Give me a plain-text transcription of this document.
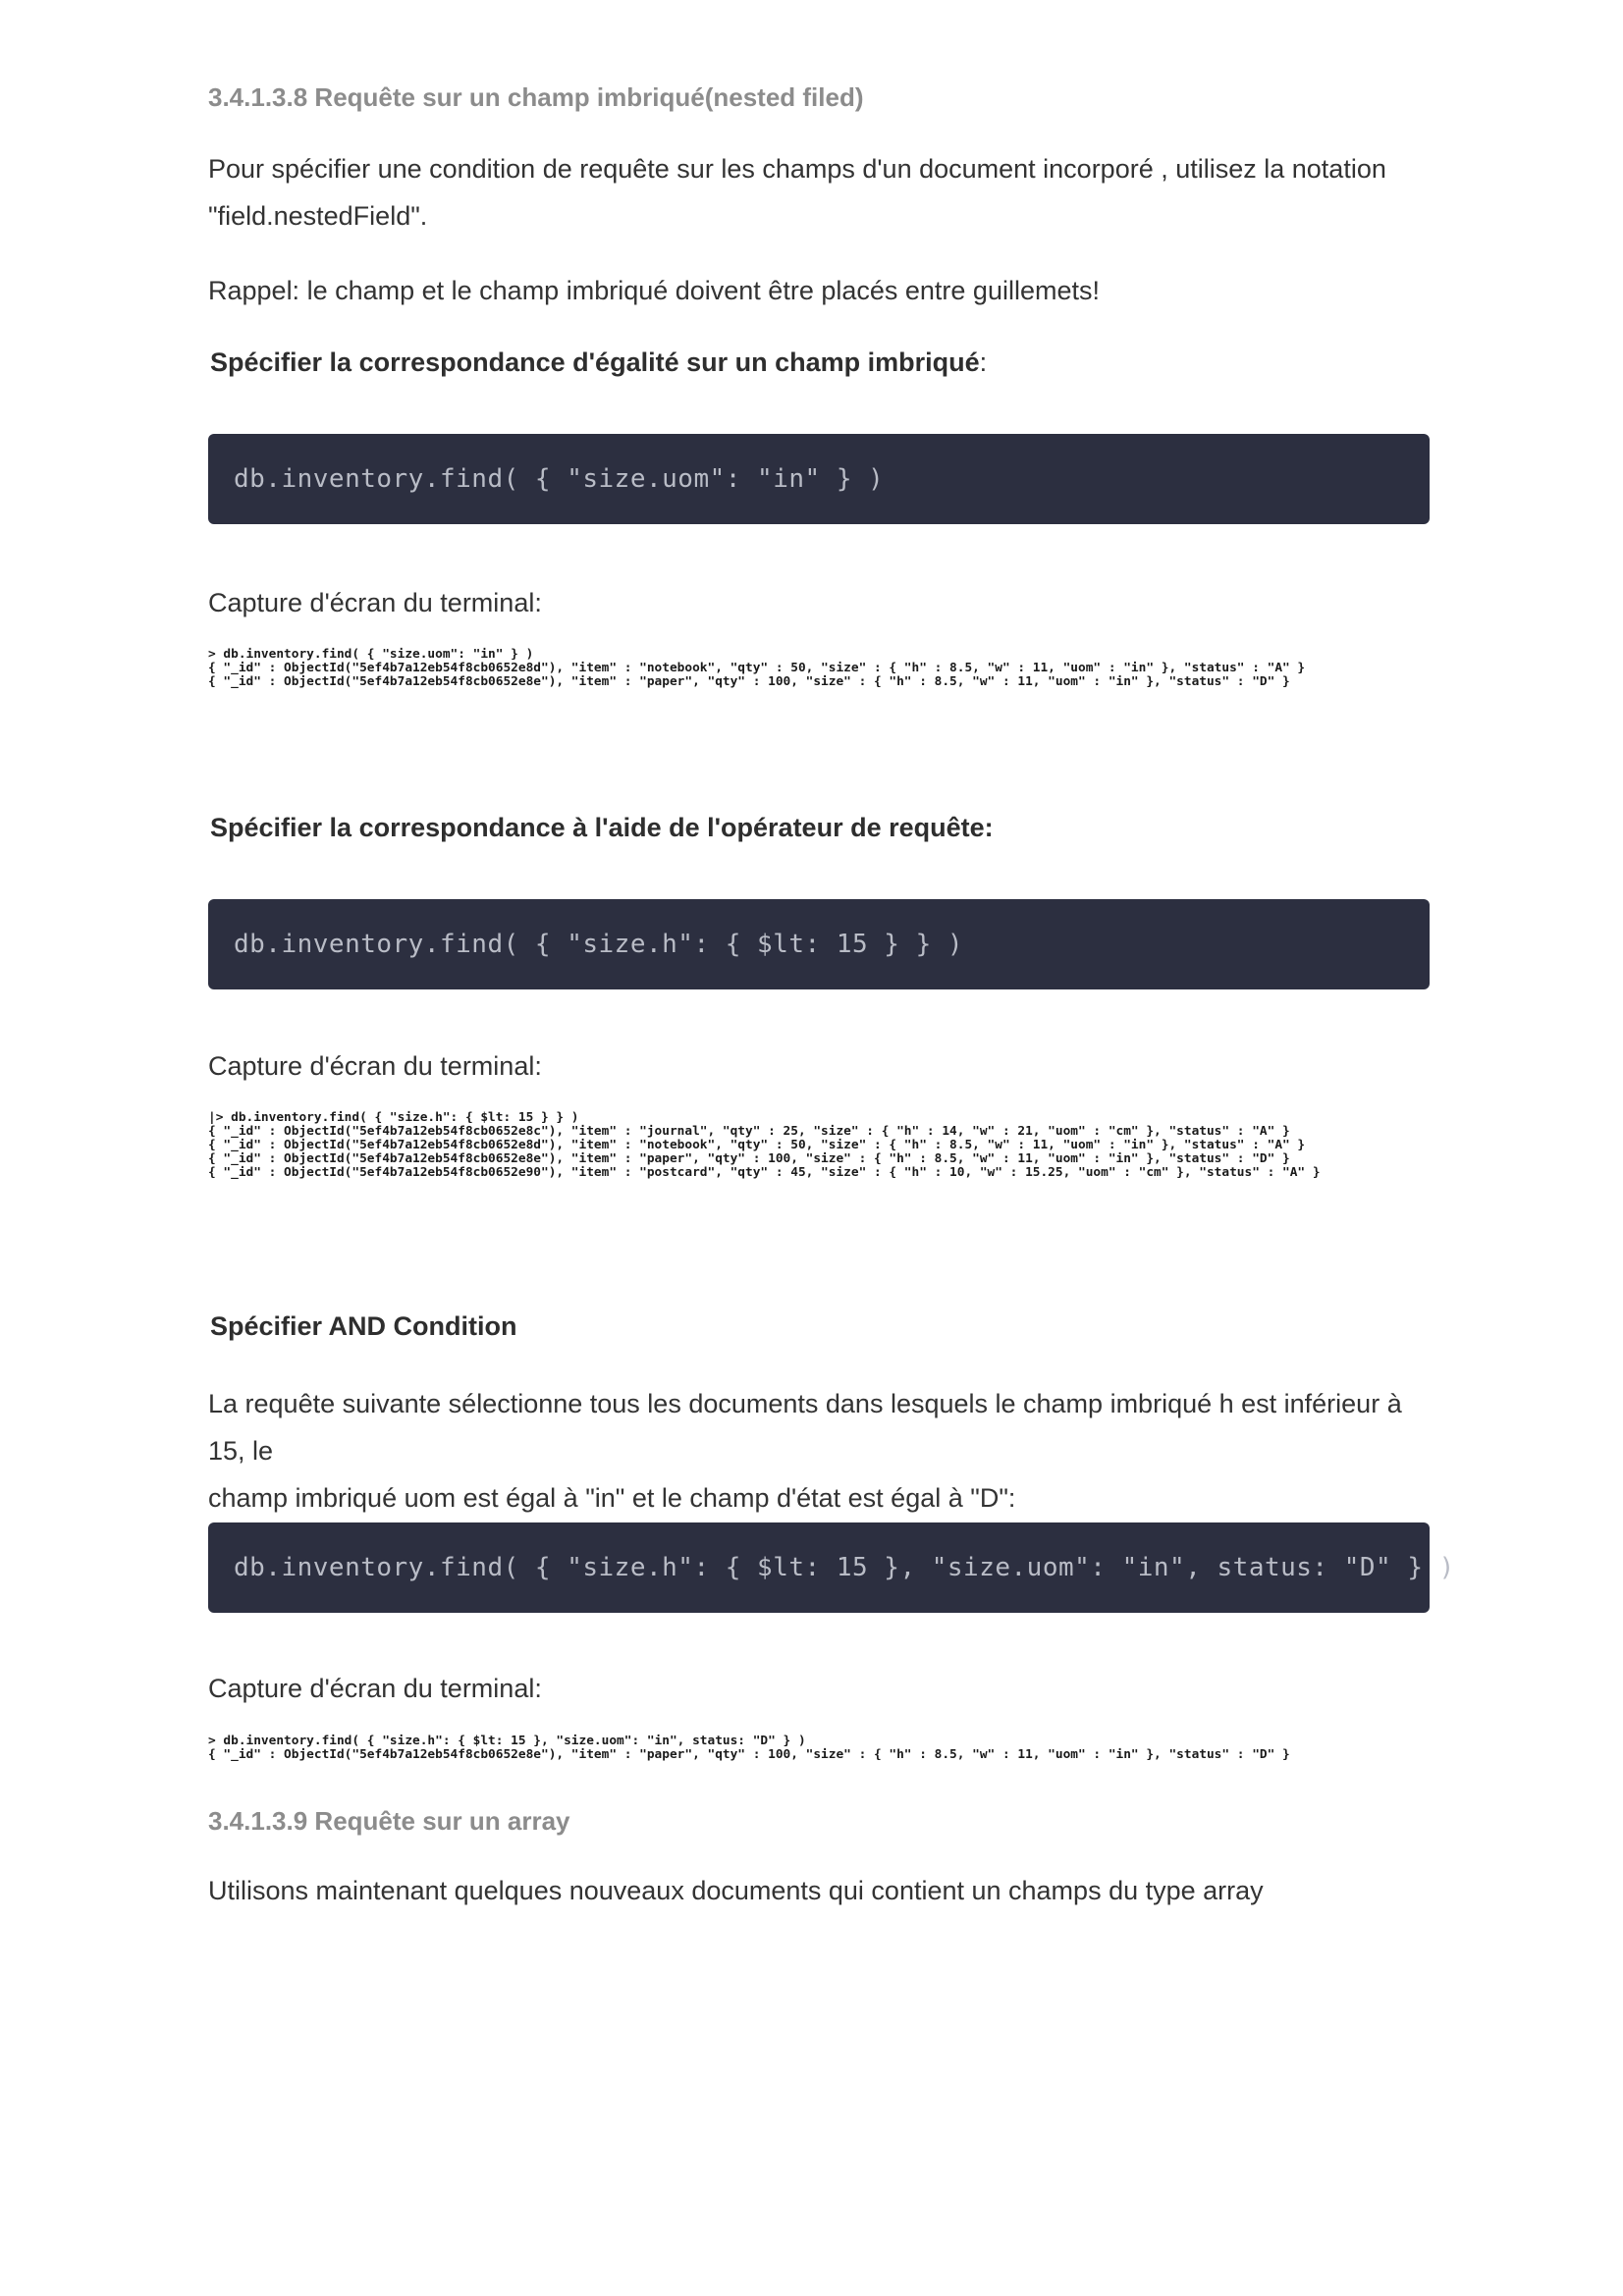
3.4.1.3.8 Requête sur un champ imbriqué(nested filed)
Pour spécifier une condition de requête sur les champs d'un document incorporé , utilisez la notation
"field.nestedField".
Rappel: le champ et le champ imbriqué doivent être placés entre guillemets!
Spécifier la correspondance d'égalité sur un champ imbriqué:
db.inventory.find( { "size.uom": "in" } )
Capture d'écran du terminal:
> db.inventory.find( { "size.uom": "in" } )
{ "_id" : ObjectId("5ef4b7a12eb54f8cb0652e8d"), "item" : "notebook", "qty" : 50, "size" : { "h" : 8.5, "w" : 11, "uom" : "in" }, "status" : "A" }
{ "_id" : ObjectId("5ef4b7a12eb54f8cb0652e8e"), "item" : "paper", "qty" : 100, "size" : { "h" : 8.5, "w" : 11, "uom" : "in" }, "status" : "D" }
Spécifier la correspondance à l'aide de l'opérateur de requête:
db.inventory.find( { "size.h": { $lt: 15 } } )
Capture d'écran du terminal:
|> db.inventory.find( { "size.h": { $lt: 15 } } )
{ "_id" : ObjectId("5ef4b7a12eb54f8cb0652e8c"), "item" : "journal", "qty" : 25, "size" : { "h" : 14, "w" : 21, "uom" : "cm" }, "status" : "A" }
{ "_id" : ObjectId("5ef4b7a12eb54f8cb0652e8d"), "item" : "notebook", "qty" : 50, "size" : { "h" : 8.5, "w" : 11, "uom" : "in" }, "status" : "A" }
{ "_id" : ObjectId("5ef4b7a12eb54f8cb0652e8e"), "item" : "paper", "qty" : 100, "size" : { "h" : 8.5, "w" : 11, "uom" : "in" }, "status" : "D" }
{ "_id" : ObjectId("5ef4b7a12eb54f8cb0652e90"), "item" : "postcard", "qty" : 45, "size" : { "h" : 10, "w" : 15.25, "uom" : "cm" }, "status" : "A" }
Spécifier AND Condition
La requête suivante sélectionne tous les documents dans lesquels le champ imbriqué h est inférieur à 15, le
champ imbriqué uom est égal à "in" et le champ d'état est égal à "D":
db.inventory.find( { "size.h": { $lt: 15 }, "size.uom": "in", status: "D" } )
Capture d'écran du terminal:
> db.inventory.find( { "size.h": { $lt: 15 }, "size.uom": "in", status: "D" } )
{ "_id" : ObjectId("5ef4b7a12eb54f8cb0652e8e"), "item" : "paper", "qty" : 100, "size" : { "h" : 8.5, "w" : 11, "uom" : "in" }, "status" : "D" }
3.4.1.3.9 Requête sur un array
Utilisons maintenant quelques nouveaux documents qui contient un champs du type array
